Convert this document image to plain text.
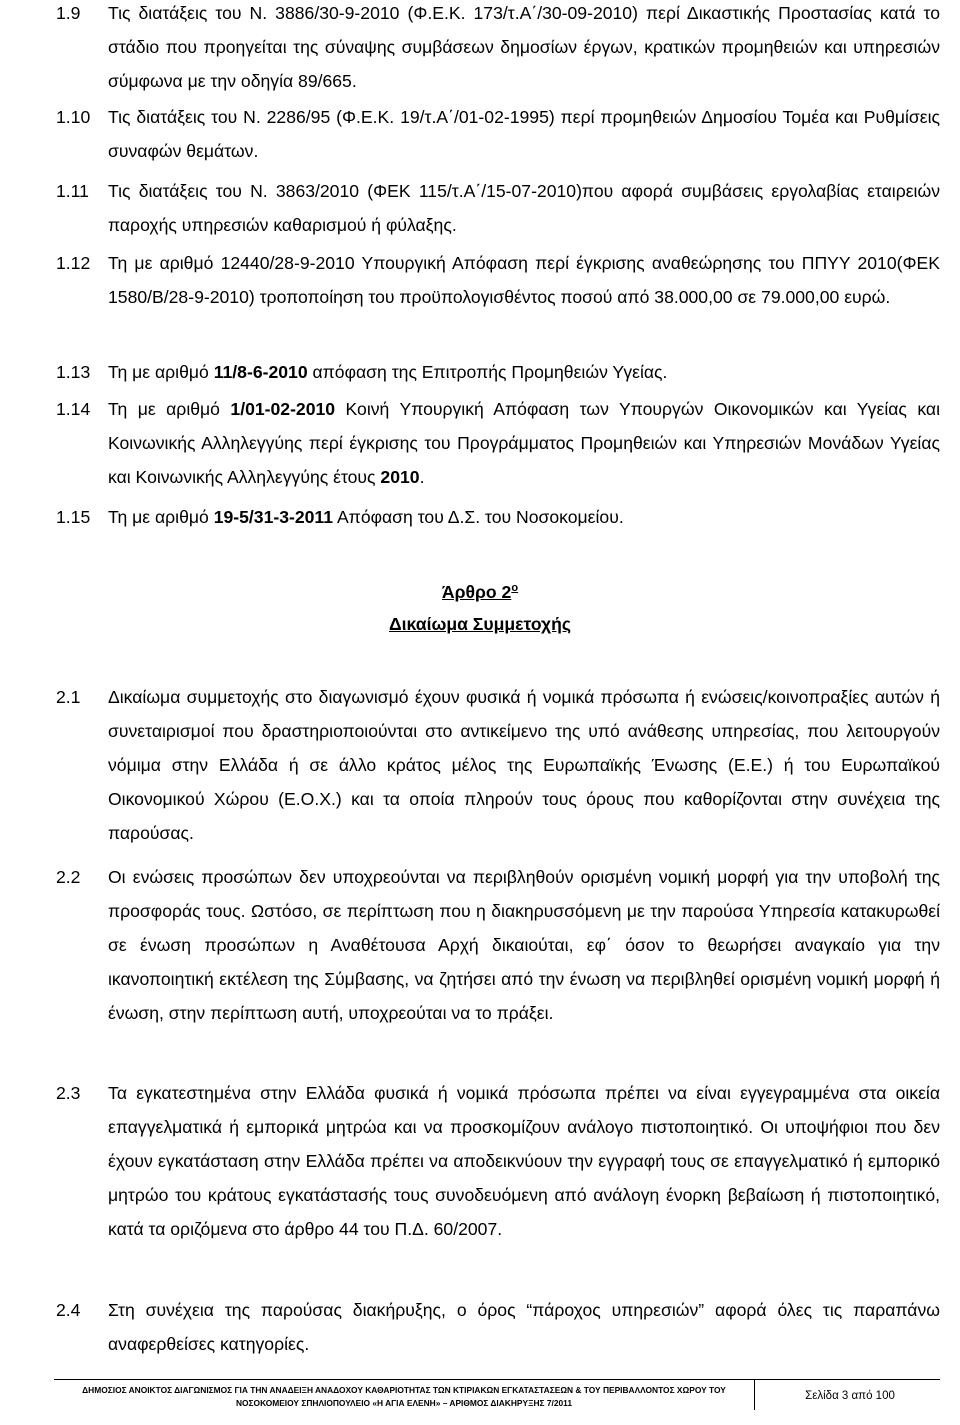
1.9	Τις διατάξεις του Ν. 3886/30-9-2010 (Φ.Ε.Κ. 173/τ.Α΄/30-09-2010) περί Δικαστικής Προστασίας κατά το στάδιο που προηγείται της σύναψης συμβάσεων δημοσίων έργων, κρατικών προμηθειών και υπηρεσιών σύμφωνα με την οδηγία 89/665.
1.10	Τις διατάξεις του Ν. 2286/95 (Φ.Ε.Κ. 19/τ.Α΄/01-02-1995) περί προμηθειών Δημοσίου Τομέα και Ρυθμίσεις συναφών θεμάτων.
1.11	Τις διατάξεις του Ν. 3863/2010 (ΦΕΚ 115/τ.Α΄/15-07-2010)που αφορά συμβάσεις εργολαβίας εταιρειών παροχής υπηρεσιών καθαρισμού ή φύλαξης.
1.12	Τη με αριθμό 12440/28-9-2010 Υπουργική Απόφαση περί έγκρισης αναθεώρησης του ΠΠΥΥ 2010(ΦΕΚ 1580/Β/28-9-2010) τροποποίηση του προϋπολογισθέντος ποσού από 38.000,00 σε 79.000,00 ευρώ.
1.13	Τη με αριθμό 11/8-6-2010 απόφαση της Επιτροπής Προμηθειών Υγείας.
1.14	Τη με αριθμό 1/01-02-2010 Κοινή Υπουργική Απόφαση των Υπουργών Οικονομικών και Υγείας και Κοινωνικής Αλληλεγγύης περί έγκρισης του Προγράμματος Προμηθειών και Υπηρεσιών Μονάδων Υγείας και Κοινωνικής Αλληλεγγύης έτους 2010.
1.15	Τη με αριθμό 19-5/31-3-2011 Απόφαση του Δ.Σ. του Νοσοκομείου.
Άρθρο $2^o$
Δικαίωμα Συμμετοχής
2.1	Δικαίωμα συμμετοχής στο διαγωνισμό έχουν φυσικά ή νομικά πρόσωπα ή ενώσεις/κοινοπραξίες αυτών ή συνεταιρισμοί που δραστηριοποιούνται στο αντικείμενο της υπό ανάθεσης υπηρεσίας, που λειτουργούν νόμιμα στην Ελλάδα ή σε άλλο κράτος μέλος της Ευρωπαϊκής Ένωσης (Ε.Ε.) ή του Ευρωπαϊκού Οικονομικού Χώρου (Ε.Ο.Χ.) και τα οποία πληρούν τους όρους που καθορίζονται στην συνέχεια της παρούσας.
2.2	Οι ενώσεις προσώπων δεν υποχρεούνται να περιβληθούν ορισμένη νομική μορφή για την υποβολή της προσφοράς τους. Ωστόσο, σε περίπτωση που η διακηρυσσόμενη με την παρούσα Υπηρεσία κατακυρωθεί σε ένωση προσώπων η Αναθέτουσα Αρχή δικαιούται, εφ΄ όσον το θεωρήσει αναγκαίο για την ικανοποιητική εκτέλεση της Σύμβασης, να ζητήσει από την ένωση να περιβληθεί ορισμένη νομική μορφή ή ένωση, στην περίπτωση αυτή, υποχρεούται να το πράξει.
2.3	Τα εγκατεστημένα στην Ελλάδα φυσικά ή νομικά πρόσωπα πρέπει να είναι εγγεγραμμένα στα οικεία επαγγελματικά ή εμπορικά μητρώα και να προσκομίζουν ανάλογο πιστοποιητικό. Οι υποψήφιοι που δεν έχουν εγκατάσταση στην Ελλάδα πρέπει να αποδεικνύουν την εγγραφή τους σε επαγγελματικό ή εμπορικό μητρώο του κράτους εγκατάστασής τους συνοδευόμενη από ανάλογη ένορκη βεβαίωση ή πιστοποιητικό, κατά τα οριζόμενα στο άρθρο 44 του Π.Δ. 60/2007.
2.4	Στη συνέχεια της παρούσας διακήρυξης, ο όρος “πάροχος υπηρεσιών” αφορά όλες τις παραπάνω αναφερθείσες κατηγορίες.
ΔΗΜΟΣΙΟΣ ΑΝΟΙΚΤΟΣ ΔΙΑΓΩΝΙΣΜΟΣ ΓΙΑ ΤΗΝ ΑΝΑΔΕΙΞΗ ΑΝΑΔΟΧΟΥ ΚΑΘΑΡΙΟΤΗΤΑΣ ΤΩΝ ΚΤΙΡΙΑΚΩΝ ΕΓΚΑΤΑΣΤΑΣΕΩΝ & ΤΟΥ ΠΕΡΙΒΑΛΛΟΝΤΟΣ ΧΩΡΟΥ ΤΟΥ
ΝΟΣΟΚΟΜΕΙΟΥ ΣΠΗΛΙΟΠΟΥΛΕΙΟ «Η ΑΓΙΑ ΕΛΕΝΗ» – ΑΡΙΘΜΟΣ ΔΙΑΚΗΡΥΞΗΣ 7/2011
Σελίδα 3 από 100
